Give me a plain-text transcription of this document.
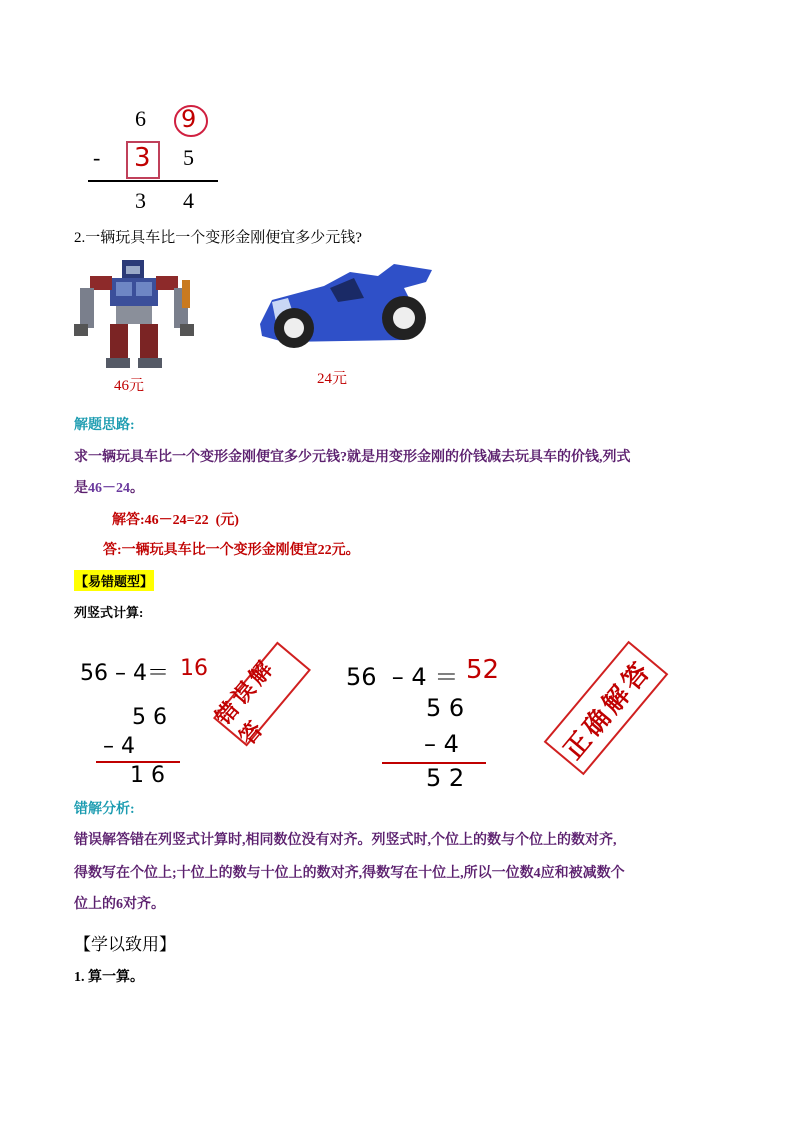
6 9
- 3 5
3 4
2.一辆玩具车比一个变形金刚便宜多少元钱?
46元	24元
解题思路:
求一辆玩具车比一个变形金刚便宜多少元钱?就是用变形金刚的价钱减去玩具车的价钱,列式
是46－24。
解答:46－24=22  (元)
答:一辆玩具车比一个变形金刚便宜22元。
【易错题型】
列竖式计算:
56 – 4＝ 16
5 6
– 4
1 6
错误解答
56  – 4 ＝ 52
5 6
– 4
5 2
正确解答
错解分析:
错误解答错在列竖式计算时,相同数位没有对齐。列竖式时,个位上的数与个位上的数对齐,
得数写在个位上;十位上的数与十位上的数对齐,得数写在十位上,所以一位数4应和被减数个
位上的6对齐。
【学以致用】
1. 算一算。
